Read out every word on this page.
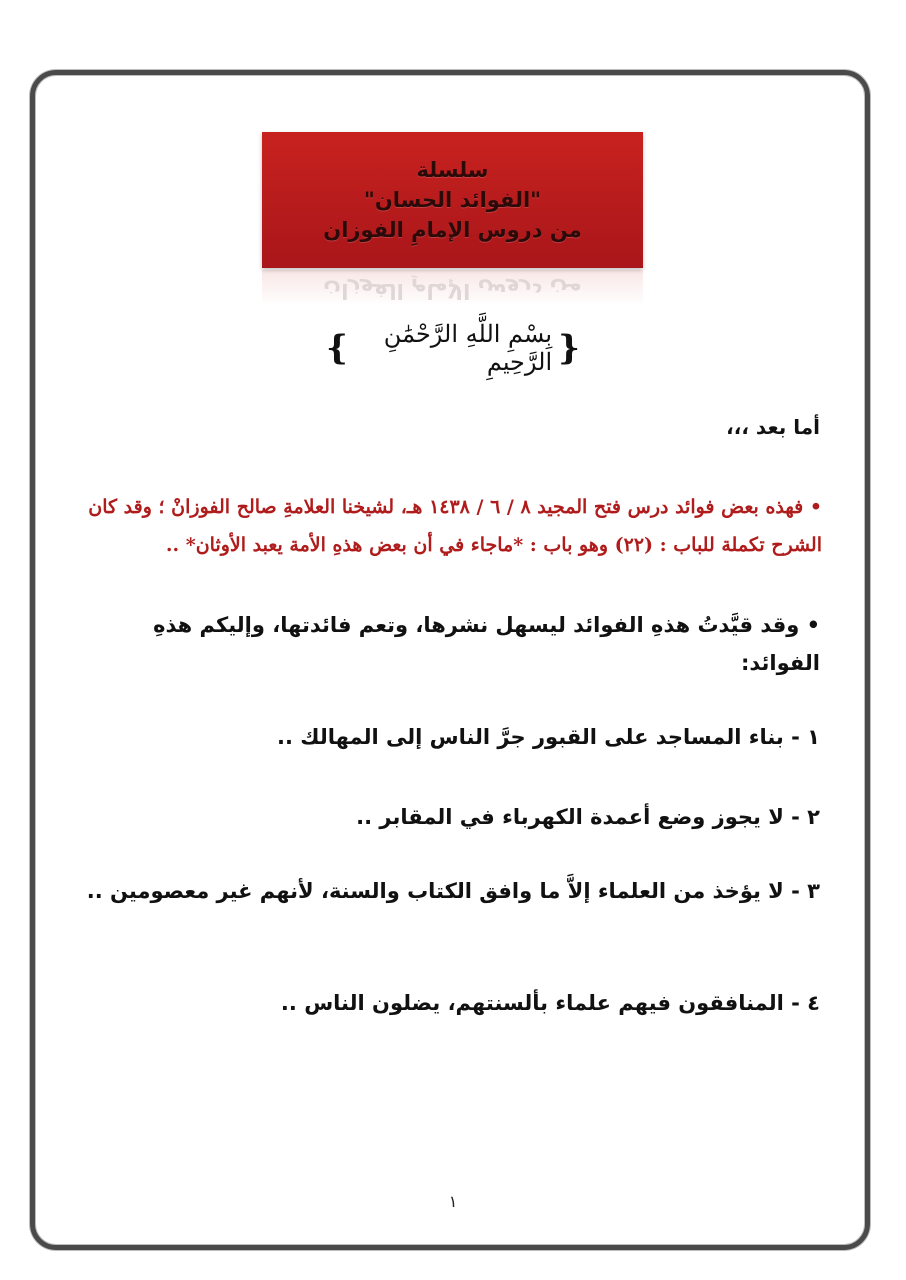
سلسلة
"الفوائد الحسان"
من دروس الإمامِ الفوزان
من دروس الإمامِ الفوزان
{
بِسْمِ اللَّهِ الرَّحْمَٰنِ الرَّحِيمِ
}
أما بعد ،،،
• فهذه بعض فوائد درس فتح المجيد ٨ / ٦ / ١٤٣٨ هـ، لشيخنا العلامةِ صالح الفوزانْ ؛ وقد كان الشرح تكملة للباب : (٢٢) وهو باب : *ماجاء في أن بعض هذهِ الأمة يعبد الأوثان* ..
• وقد قيَّدتُ هذهِ الفوائد ليسهل نشرها، وتعم فائدتها، وإليكم هذهِ الفوائد:
١ - بناء المساجد على القبور جرَّ الناس إلى المهالك ..
٢ - لا يجوز وضع أعمدة الكهرباء في المقابر ..
٣ - لا يؤخذ من العلماء إلاَّ ما وافق الكتاب والسنة، لأنهم غير معصومين ..
٤ - المنافقون فيهم علماء بألسنتهم، يضلون الناس ..
١
